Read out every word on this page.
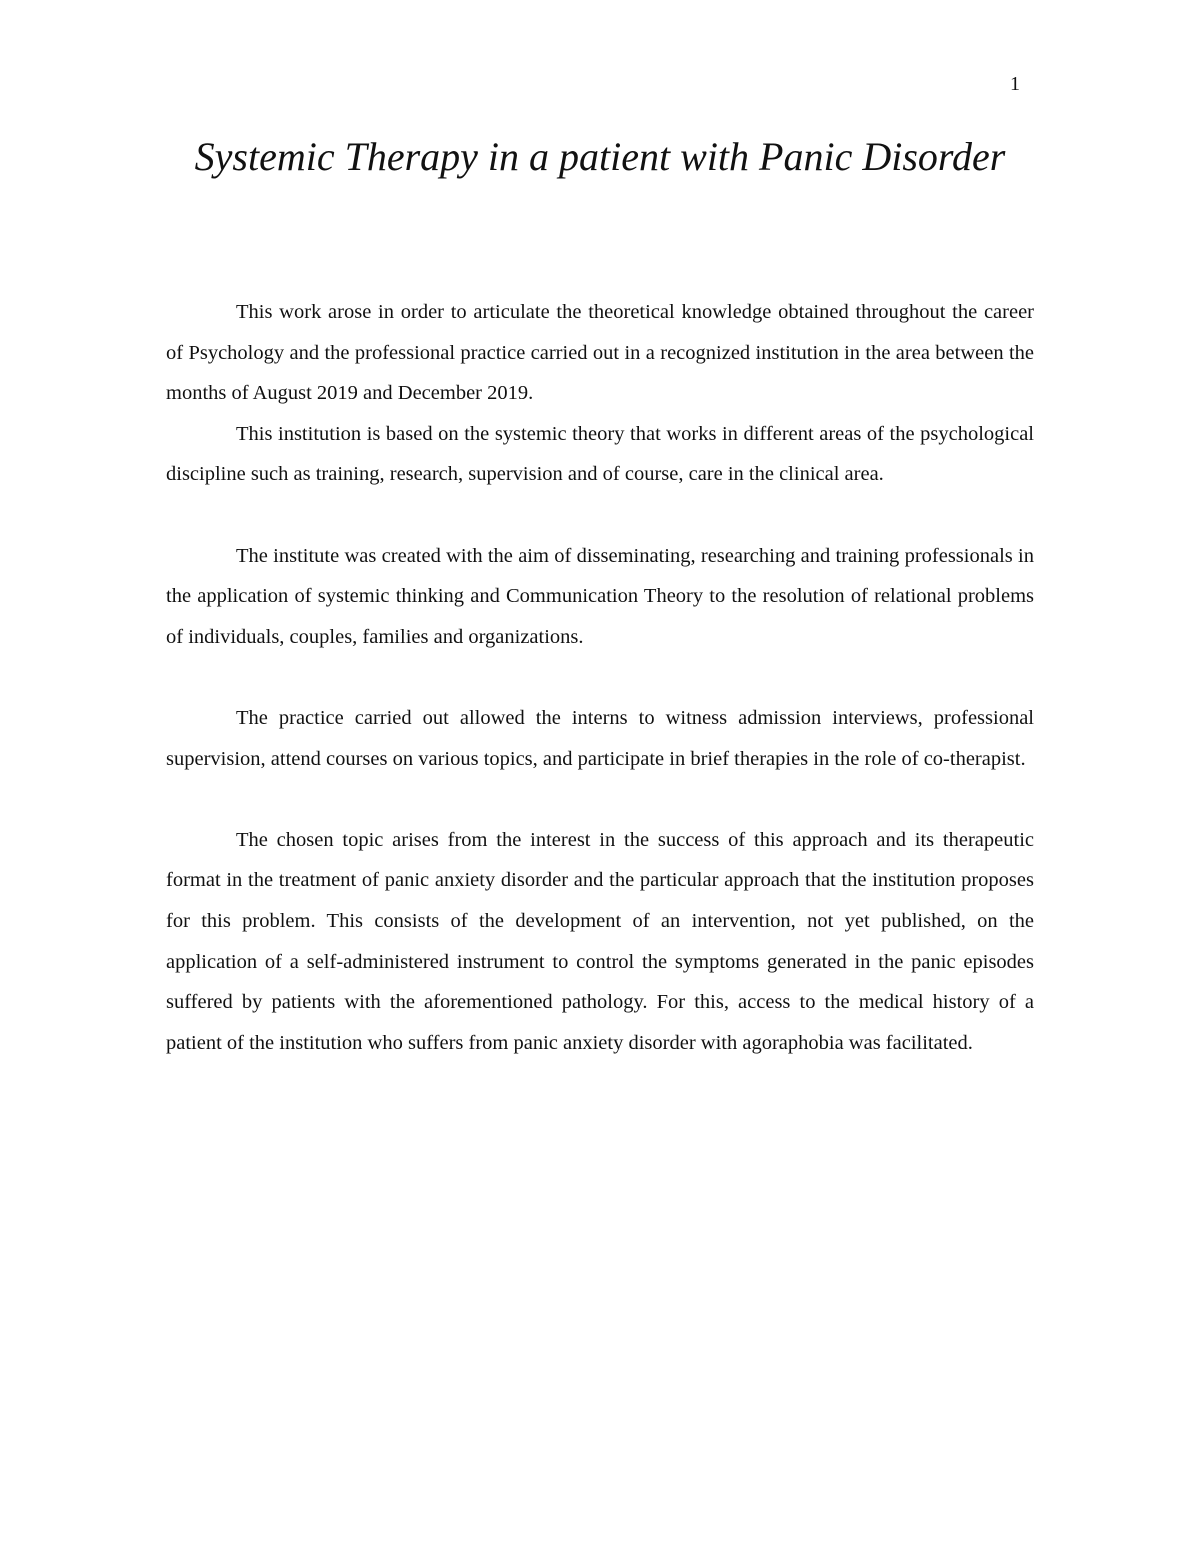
1
Systemic Therapy in a patient with Panic Disorder

This work arose in order to articulate the theoretical knowledge obtained throughout the career of Psychology and the professional practice carried out in a recognized institution in the area between the months of August 2019 and December 2019.

This institution is based on the systemic theory that works in different areas of the psychological discipline such as training, research, supervision and of course, care in the clinical area.

The institute was created with the aim of disseminating, researching and training professionals in the application of systemic thinking and Communication Theory to the resolution of relational problems of individuals, couples, families and organizations.

The practice carried out allowed the interns to witness admission interviews, professional supervision, attend courses on various topics, and participate in brief therapies in the role of co-therapist.

The chosen topic arises from the interest in the success of this approach and its therapeutic format in the treatment of panic anxiety disorder and the particular approach that the institution proposes for this problem. This consists of the development of an intervention, not yet published, on the application of a self-administered instrument to control the symptoms generated in the panic episodes suffered by patients with the aforementioned pathology. For this, access to the medical history of a patient of the institution who suffers from panic anxiety disorder with agoraphobia was facilitated.
